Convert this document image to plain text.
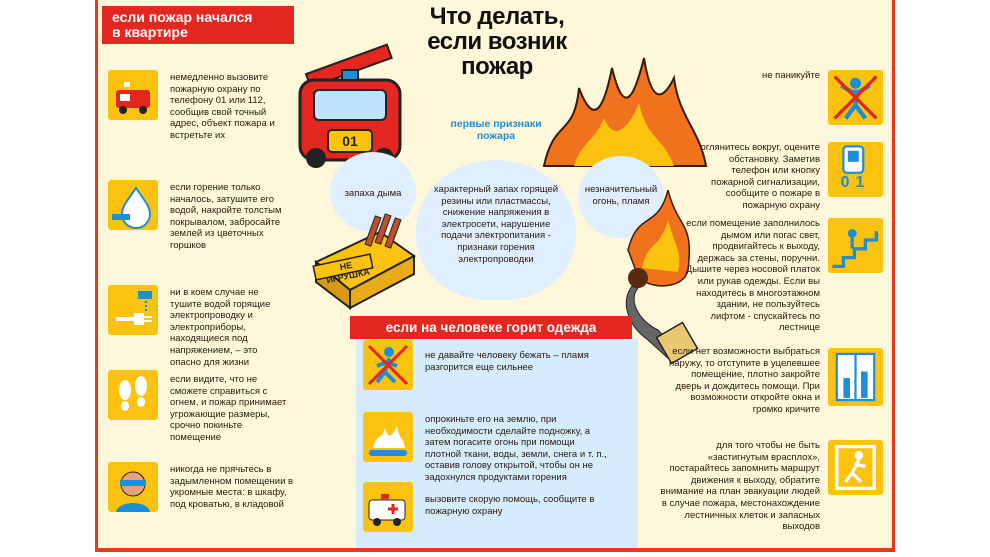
если пожар начался
в квартире
Что делать,
если возник
пожар
01
первые признаки
пожара
запаха дыма	характерный запах горящей резины или пластмассы, снижение напряжения в электросети, нарушение подачи электропитания - признаки горения электропроводки
незначительный огонь, пламя
НЕ ИГРУШКА
немедленно вызовите пожарную охрану по телефону 01 или 112, сообщив свой точный адрес, объект пожара и встретьте их
если горение только началось, затушите его водой, накройте толстым покрывалом, забросайте землей из цветочных горшков
ни в коем случае не тушите водой горящие электропроводку и электроприборы, находящиеся под напряжением, – это опасно для жизни
если видите, что не сможете справиться с огнем, и пожар принимает угрожающие размеры, срочно покиньте помещение
никогда не прячьтесь в задымленном помещении в укромные места: в шкафу, под кроватью, в кладовой
если на человеке горит одежда
не давайте человеку бежать – пламя разгорится еще сильнее
опрокиньте его на землю, при необходимости сделайте подножку, а затем погасите огонь при помощи плотной ткани, воды, земли, снега и т. п., оставив голову открытой, чтобы он не задохнулся продуктами горения
вызовите скорую помощь, сообщите в пожарную охрану
не паникуйте
оглянитесь вокруг, оцените обстановку. Заметив телефон или кнопку пожарной сигнализации, сообщите о пожаре в пожарную охрану
01
если помещение заполнилось дымом или погас свет, продвигайтесь к выходу, держась за стены, поручни. Дышите через носовой платок или рукав одежды. Если вы находитесь в многоэтажном здании, не пользуйтесь лифтом - спускайтесь по лестнице
если нет возможности выбраться наружу, то отступите в уцелевшее помещение, плотно закройте дверь и дождитесь помощи. При возможности откройте окна и громко кричите
для того чтобы не быть «застигнутым врасплох», постарайтесь запомнить маршрут движения к выходу, обратите внимание на план эвакуации людей в случае пожара, местонахождение лестничных клеток и запасных выходов
